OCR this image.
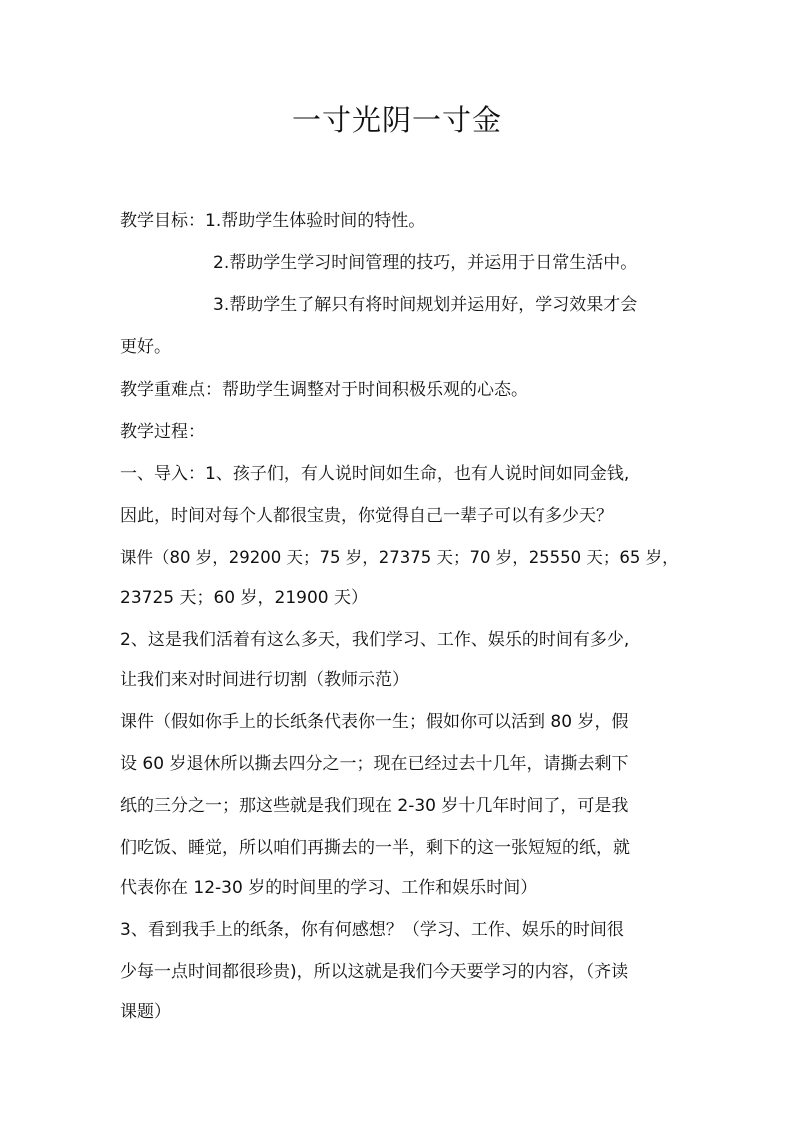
一寸光阴一寸金
教学目标：1.帮助学生体验时间的特性。
2.帮助学生学习时间管理的技巧，并运用于日常生活中。
3.帮助学生了解只有将时间规划并运用好，学习效果才会
更好。
教学重难点：帮助学生调整对于时间积极乐观的心态。
教学过程：
一、导入：1、孩子们，有人说时间如生命，也有人说时间如同金钱,
因此，时间对每个人都很宝贵，你觉得自己一辈子可以有多少天？
课件（80 岁，29200 天；75 岁，27375 天；70 岁，25550 天；65 岁，
23725 天；60 岁，21900 天）
2、这是我们活着有这么多天，我们学习、工作、娱乐的时间有多少,
让我们来对时间进行切割（教师示范）
课件（假如你手上的长纸条代表你一生；假如你可以活到 80 岁，假
设 60 岁退休所以撕去四分之一；现在已经过去十几年，请撕去剩下
纸的三分之一；那这些就是我们现在 2-30 岁十几年时间了，可是我
们吃饭、睡觉，所以咱们再撕去的一半，剩下的这一张短短的纸，就
代表你在 12-30 岁的时间里的学习、工作和娱乐时间）
3、看到我手上的纸条，你有何感想？（学习、工作、娱乐的时间很
少每一点时间都很珍贵)，所以这就是我们今天要学习的内容，（齐读
课题）
